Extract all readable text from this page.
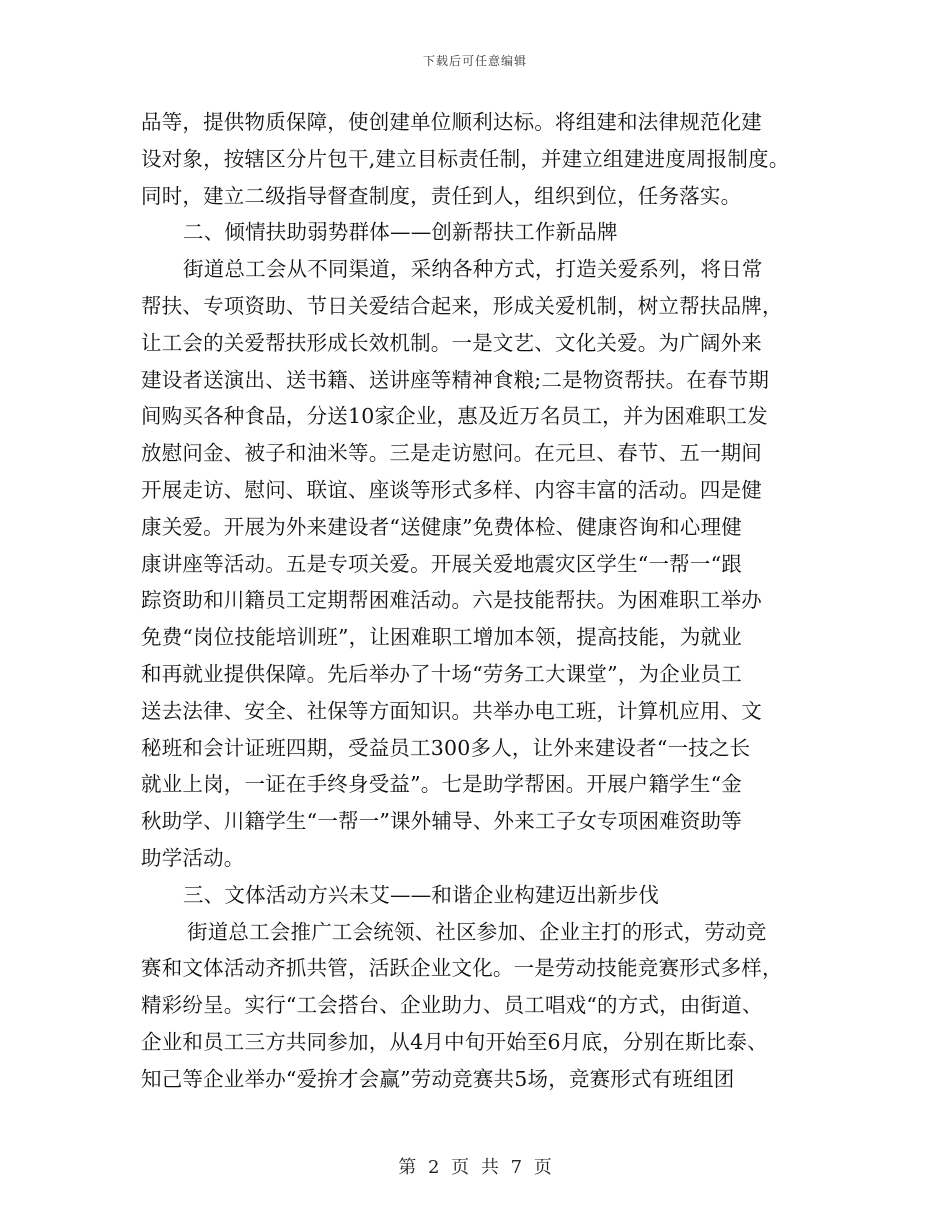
下载后可任意编辑
品等，提供物质保障，使创建单位顺利达标。将组建和法律规范化建
设对象，按辖区分片包干,建立目标责任制，并建立组建进度周报制度。
同时，建立二级指导督查制度，责任到人，组织到位，任务落实。
二、倾情扶助弱势群体——创新帮扶工作新品牌
街道总工会从不同渠道，采纳各种方式，打造关爱系列，将日常
帮扶、专项资助、节日关爱结合起来，形成关爱机制，树立帮扶品牌，
让工会的关爱帮扶形成长效机制。一是文艺、文化关爱。为广阔外来
建设者送演出、送书籍、送讲座等精神食粮;二是物资帮扶。在春节期
间购买各种食品，分送10家企业，惠及近万名员工，并为困难职工发
放慰问金、被子和油米等。三是走访慰问。在元旦、春节、五一期间
开展走访、慰问、联谊、座谈等形式多样、内容丰富的活动。四是健
康关爱。开展为外来建设者“送健康”免费体检、健康咨询和心理健
康讲座等活动。五是专项关爱。开展关爱地震灾区学生“一帮一“跟
踪资助和川籍员工定期帮困难活动。六是技能帮扶。为困难职工举办
免费“岗位技能培训班”，让困难职工增加本领，提高技能，为就业
和再就业提供保障。先后举办了十场“劳务工大课堂”，为企业员工
送去法律、安全、社保等方面知识。共举办电工班，计算机应用、文
秘班和会计证班四期，受益员工300多人，让外来建设者“一技之长
就业上岗，一证在手终身受益”。七是助学帮困。开展户籍学生“金
秋助学、川籍学生“一帮一”课外辅导、外来工子女专项困难资助等
助学活动。
三、文体活动方兴未艾——和谐企业构建迈出新步伐
街道总工会推广工会统领、社区参加、企业主打的形式，劳动竞
赛和文体活动齐抓共管，活跃企业文化。一是劳动技能竞赛形式多样，
精彩纷呈。实行“工会搭台、企业助力、员工唱戏“的方式，由街道、
企业和员工三方共同参加，从4月中旬开始至6月底，分别在斯比泰、
知己等企业举办“爱拚才会赢”劳动竞赛共5场，竞赛形式有班组团
第 2 页 共 7 页
